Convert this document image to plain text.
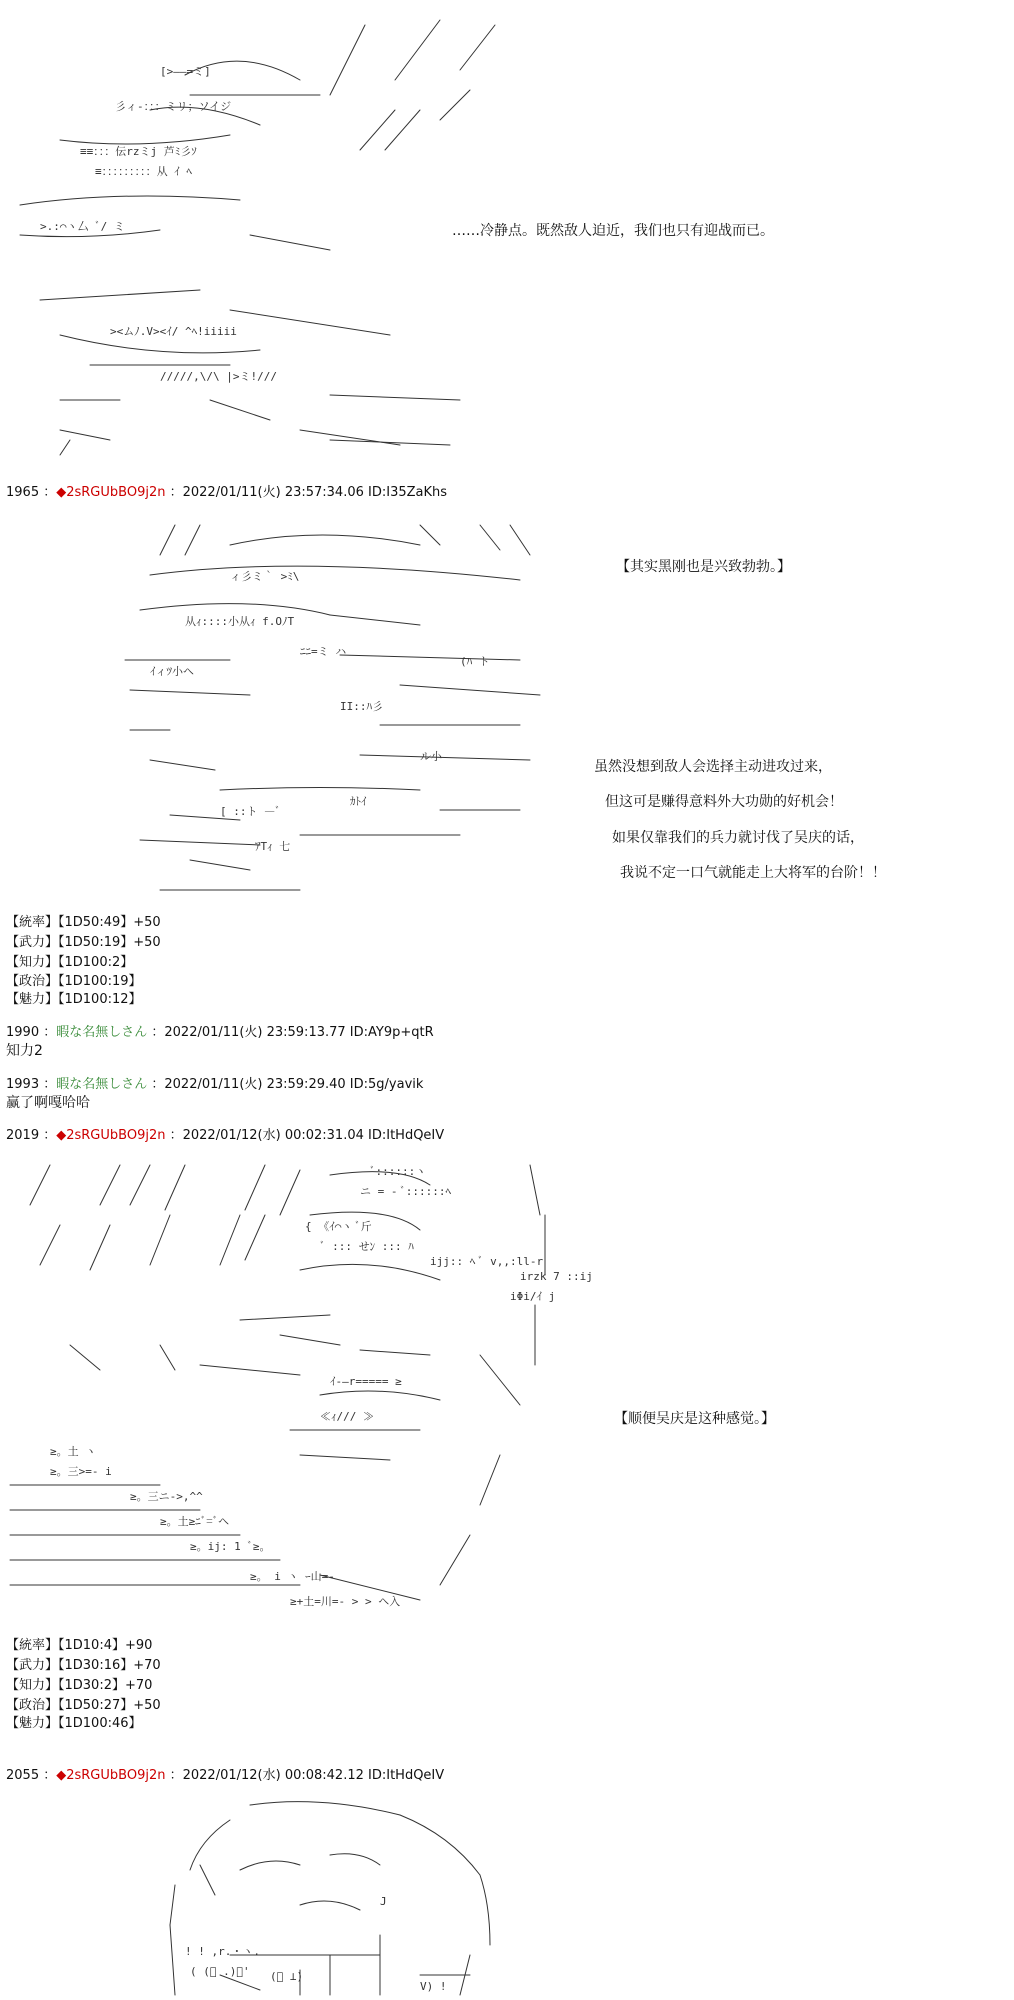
[>――=ミ]
彡ィ-：：：ミリ；ソイジ
≡≡：：：伝rzミj 芦ﾐ彡ｿ
≡：：：：：：：：：从 ｲ ﾍ
>.:⌒ヽ厶 ﾞ/ ミ
><ムﾉ.V><ｲ/ ^ﾍ!iiiii
/////,\/\ |>ミ!///
……冷静点。既然敌人迫近，我们也只有迎战而已。
1965 ：◆2sRGUbBO9j2n ：2022/01/11(火) 23:57:34.06 ID:I35ZaKhs
ィ彡ミ｀ >ﾐ\
从ｨ::::小从ｨ f.OﾉT
ﾆﾆ=ミ ハ
ｲィﾂ小ヘ
(ﾊ ト
ル小
II::ﾊ彡
ｶﾄｲ
[ ::ト ―ﾞ
ｱTｨ 七
【其实黑刚也是兴致勃勃。】
虽然没想到敌人会选择主动进攻过来，
但这可是赚得意料外大功勋的好机会！
如果仅靠我们的兵力就讨伐了吴庆的话，
我说不定一口气就能走上大将军的台阶！！
【統率】【1D50:49】+50
【武力】【1D50:19】+50
【知力】【1D100:2】
【政治】【1D100:19】
【魅力】【1D100:12】
1990 ：暇な名無しさん ：2022/01/11(火) 23:59:13.77 ID:AY9p+qtR
知力2
1993 ：暇な名無しさん ：2022/01/11(火) 23:59:29.40 ID:5g/yavik
赢了啊嘎哈哈
2019 ：◆2sRGUbBO9j2n ：2022/01/12(水) 00:02:31.04 ID:ItHdQeIV
ﾞ::::::ヽ
ニ = - ﾞ::::::ﾍ
{ 《ｲ⌒ヽ ﾞ斤
ﾞ ::: せﾝ ::: ﾊ
ijj:: ﾍ ﾞ v,,:ll-r
irzk 7 ::ij
iΦi/ｲ j
ｲ-―r===== ≥
≪ｨ/// ≫
≥。土 ヽ
≥。三>=- i
≥。三ニ->,^^
≥。土≥ﾆﾞ=ﾞヘ
≥。ij: 1 ﾞ≥。
≥。 i ヽ ｰ山=-
≥+土=川=- > > ヘ入
【顺便吴庆是这种感觉。】
【統率】【1D10:4】+90
【武力】【1D30:16】+70
【知力】【1D30:2】+70
【政治】【1D50:27】+50
【魅力】【1D100:46】
2055 ：◆2sRGUbBO9j2n ：2022/01/12(水) 00:08:42.12 ID:ItHdQeIV
J
! ! ,r.・ヽ.
( (ﾟ .)ﾟ' (ﾟ ⊥)
V) !
